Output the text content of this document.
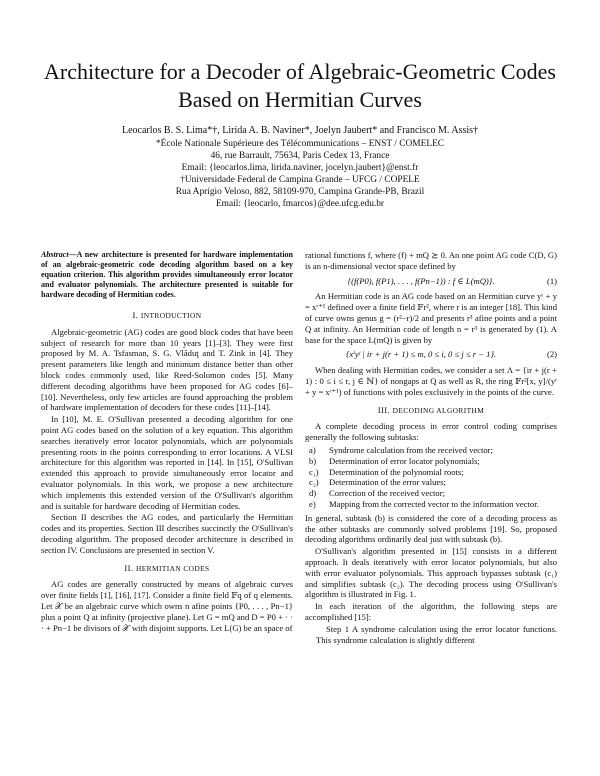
Architecture for a Decoder of Algebraic-Geometric Codes Based on Hermitian Curves
Leocarlos B. S. Lima*†, Lirida A. B. Naviner*, Joelyn Jaubert* and Francisco M. Assis†
*École Nationale Supérieure des Télécommunications – ENST / COMELEC
46, rue Barrault, 75634, Paris Cedex 13, France
Email: {leocarlos.lima, lirida.naviner, jocelyn.jaubert}@enst.fr
†Universidade Federal de Campina Grande – UFCG / COPELE
Rua Aprígio Veloso, 882, 58109-970, Campina Grande-PB, Brazil
Email: {leocarlo, fmarcos}@dee.ufcg.edu.br
Abstract—A new architecture is presented for hardware implementation of an algebraic-geometric code decoding algorithm based on a key equation criterion. This algorithm provides simultaneously error locator and evaluator polynomials. The architecture presented is suitable for hardware decoding of Hermitian codes.
I. INTRODUCTION

Algebraic-geometric (AG) codes are good block codes that have been subject of research for more than 10 years [1]–[3]. They were first proposed by M. A. Tsfasman, S. G. Vlăduţ and T. Zink in [4]. They present parameters like length and minimum distance better than other block codes commonly used, like Reed-Solomon codes [5]. Many different decoding algorithms have been proposed for AG codes [6]–[10]. Nevertheless, only few articles are found approaching the problem of hardware implementation of decoders for these codes [11]–[14].

In [10], M. E. O'Sullivan presented a decoding algorithm for one point AG codes based on the solution of a key equation. This algorithm searches iteratively error locator polynomials, which are polynomials presenting roots in the points corresponding to error locations. A VLSI architecture for this algorithm was reported in [14]. In [15], O'Sullivan extended this approach to provide simultaneously error locator and evaluator polynomials. In this work, we propose a new architecture which implements this extended version of the O'Sullivan's algorithm and is suitable for hardware decoding of Hermitian codes.

Section II describes the AG codes, and particularly the Hermitian codes and its properties. Section III describes succinctly the O'Sullivan's decoding algorithm. The proposed decoder architecture is described in section IV. Conclusions are presented in section V.

II. HERMITIAN CODES

AG codes are generally constructed by means of algebraic curves over finite fields [1], [16], [17]. Consider a finite field 𝔽q of q elements. Let 𝒳 be an algebraic curve which owns n afine points {P0, . . . , Pn−1} plus a point Q at infinity (projective plane). Let G = mQ and D = P0 + · · · + Pn−1 be divisors of 𝒳 with disjoint supports. Let L(G) be an space of

rational functions f, where (f) + mQ ⪰ 0. An one point AG code C(D, G) is an n-dimensional vector space defined by

{(f(P0), f(P1), . . . , f(Pn−1)) : f ∈ L(mQ)}.	(1)

An Hermitian code is an AG code based on an Hermitian curve yʳ + y = xʳ⁺¹ defined over a finite field 𝔽r², where r is an integer [18]. This kind of curve owns genus g = (r²−r)/2 and presents r³ afine points and a point Q at infinity. An Hermitian code of length n = r³ is generated by (1). A base for the space L(mQ) is given by

{xⁱyʲ | ir + j(r + 1) ≤ m, 0 ≤ i, 0 ≤ j ≤ r − 1}.	(2)

When dealing with Hermitian codes, we consider a set Λ = {ir + j(r + 1) : 0 ≤ i ≤ r, j ∈ ℕ} of nongaps at Q as well as R, the ring 𝔽r²[x, y]/(yʳ + y = xʳ⁺¹) of functions with poles exclusively in the points of the curve.

III. DECODING ALGORITHM

A complete decoding process in error control coding comprises generally the following subtasks:

a)	Syndrome calculation from the received vector;
b)	Determination of error locator polynomials;
c₁)	Determination of the polynomial roots;
c₂)	Determination of the error values;
d)	Correction of the received vector;
e)	Mapping from the corrected vector to the information vector.

In general, subtask (b) is considered the core of a decoding process as the other subtasks are commonly solved problems [19]. So, proposed decoding algorithms ordinarily deal just with subtask (b).

O'Sullivan's algorithm presented in [15] consists in a different approach. It deals iteratively with error locator polynomials, but also with error evaluator polynomials. This approach bypasses subtask (c₁) and simplifies subtask (c₂). The decoding process using O'Sullivan's algorithm is illustrated in Fig. 1.

In each iteration of the algorithm, the following steps are accomplished [15]:

Step 1 A syndrome calculation using the error locator functions. This syndrome calculation is slightly different
